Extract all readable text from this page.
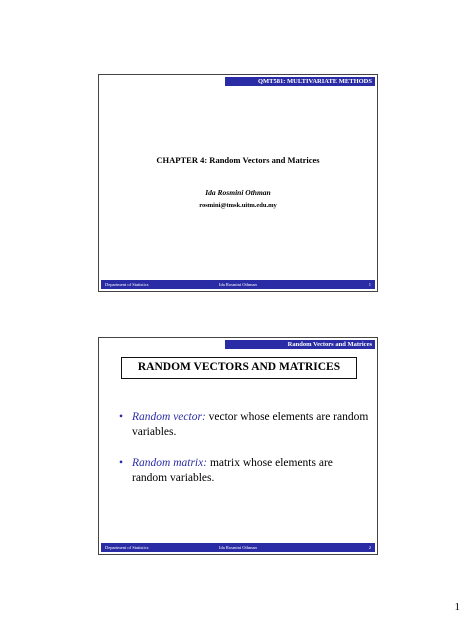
QMT581: MULTIVARIATE METHODS
CHAPTER 4: Random Vectors and Matrices
Ida Rosmini Othman
rosmini@tmsk.uitm.edu.my
Department of Statistics	Ida Rosmini Othman	1
Random Vectors and Matrices
RANDOM VECTORS AND MATRICES
• Random vector: vector whose elements are random variables.
• Random matrix: matrix whose elements are random variables.
Department of Statistics	Ida Rosmini Othman	2
1
